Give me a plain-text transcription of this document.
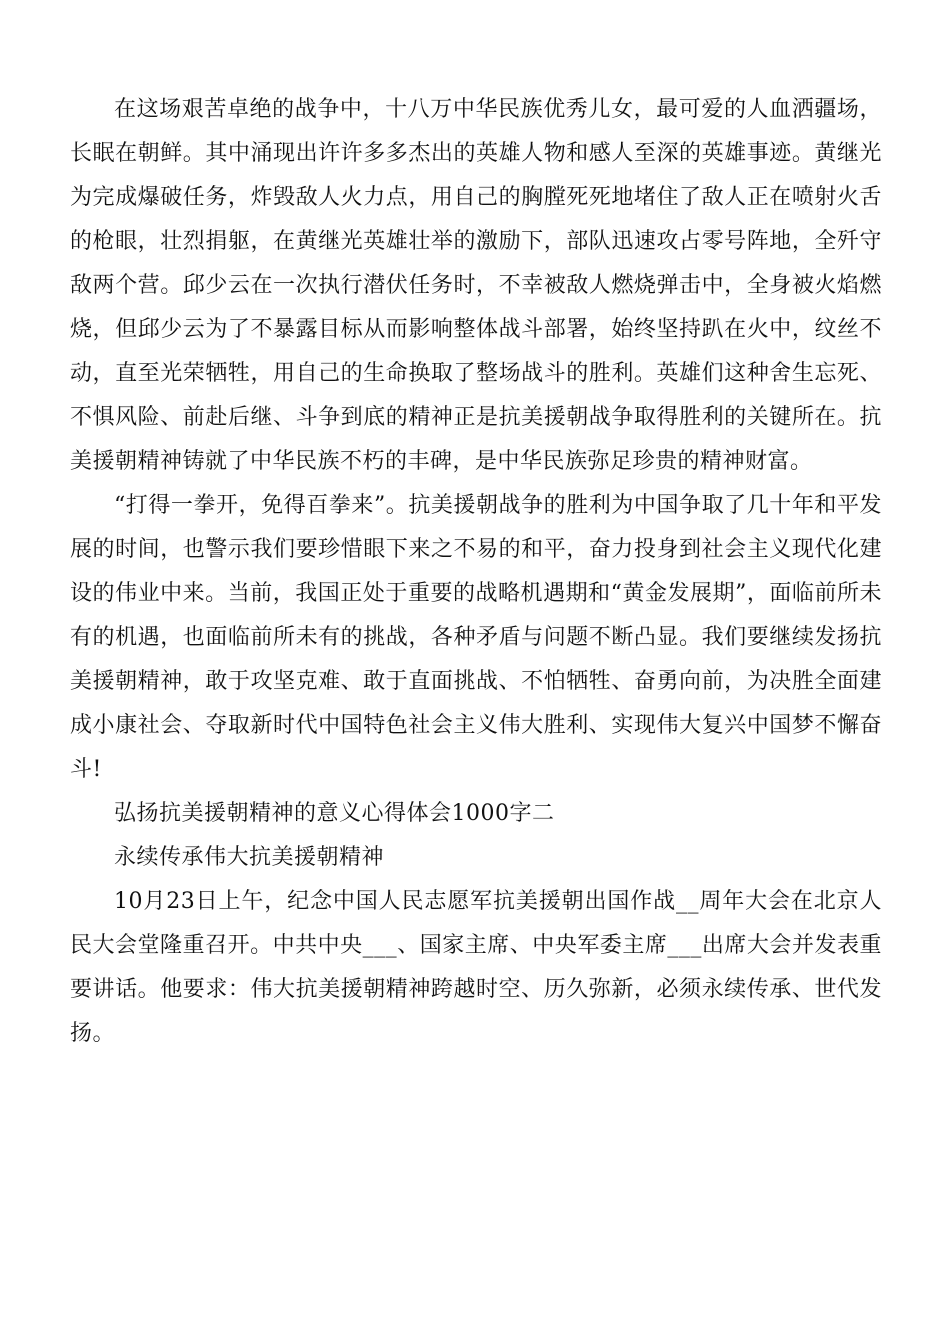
在这场艰苦卓绝的战争中，十八万中华民族优秀儿女，最可爱的人血洒疆场，长眠在朝鲜。其中涌现出许许多多杰出的英雄人物和感人至深的英雄事迹。黄继光为完成爆破任务，炸毁敌人火力点，用自己的胸膛死死地堵住了敌人正在喷射火舌的枪眼，壮烈捐躯，在黄继光英雄壮举的激励下，部队迅速攻占零号阵地，全歼守敌两个营。邱少云在一次执行潜伏任务时，不幸被敌人燃烧弹击中，全身被火焰燃烧，但邱少云为了不暴露目标从而影响整体战斗部署，始终坚持趴在火中，纹丝不动，直至光荣牺牲，用自己的生命换取了整场战斗的胜利。英雄们这种舍生忘死、不惧风险、前赴后继、斗争到底的精神正是抗美援朝战争取得胜利的关键所在。抗美援朝精神铸就了中华民族不朽的丰碑，是中华民族弥足珍贵的精神财富。

“打得一拳开，免得百拳来”。抗美援朝战争的胜利为中国争取了几十年和平发展的时间，也警示我们要珍惜眼下来之不易的和平，奋力投身到社会主义现代化建设的伟业中来。当前，我国正处于重要的战略机遇期和“黄金发展期”，面临前所未有的机遇，也面临前所未有的挑战，各种矛盾与问题不断凸显。我们要继续发扬抗美援朝精神，敢于攻坚克难、敢于直面挑战、不怕牺牲、奋勇向前，为决胜全面建成小康社会、夺取新时代中国特色社会主义伟大胜利、实现伟大复兴中国梦不懈奋斗!

弘扬抗美援朝精神的意义心得体会1000字二

永续传承伟大抗美援朝精神

10月23日上午，纪念中国人民志愿军抗美援朝出国作战__周年大会在北京人民大会堂隆重召开。中共中央___、国家主席、中央军委主席___出席大会并发表重要讲话。他要求：伟大抗美援朝精神跨越时空、历久弥新，必须永续传承、世代发扬。
